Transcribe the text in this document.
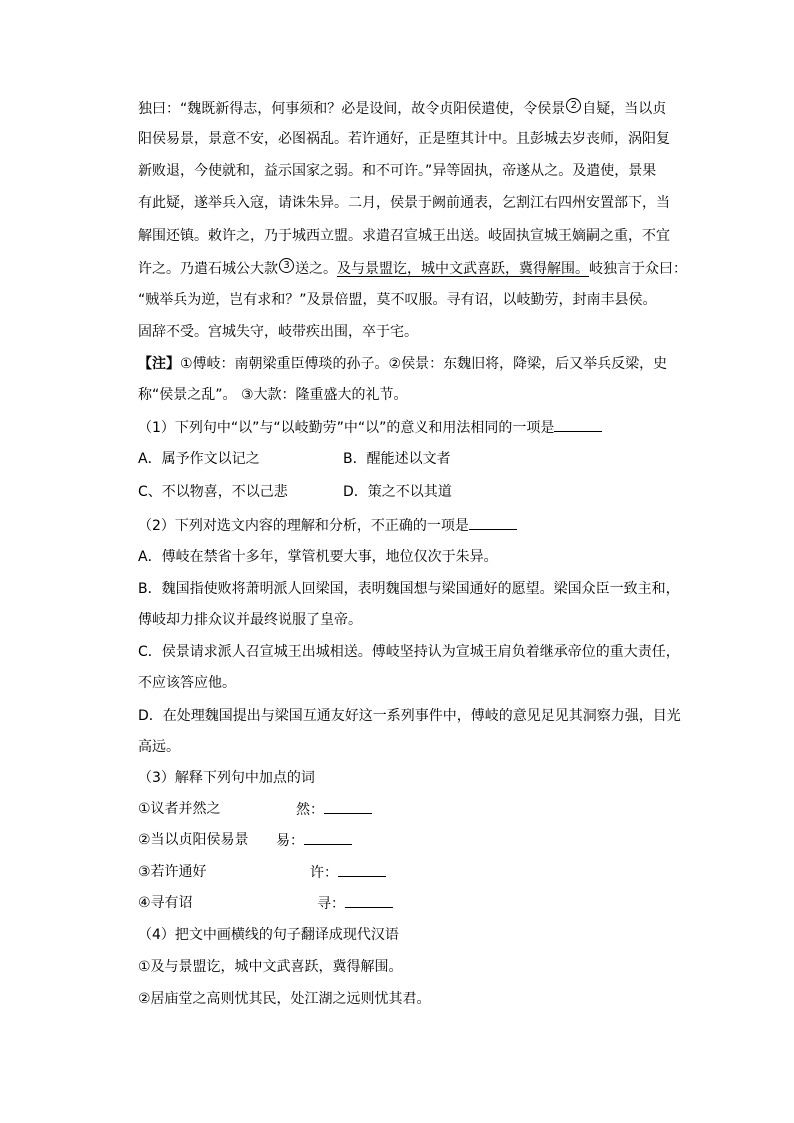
独曰：“魏既新得志，何事须和？必是设间，故令贞阳侯遣使，令侯景 2 自疑，当以贞
阳侯易景，景意不安，必图祸乱。若许通好，正是堕其计中。且彭城去岁丧师，涡阳复
新败退，今使就和，益示国家之弱。和不可许。”异等固执，帝遂从之。及遣使，景果
有此疑，遂举兵入寇，请诛朱异。二月，侯景于阙前通表，乞割江右四州安置部下，当
解围还镇。敕许之，乃于城西立盟。求遣召宣城王出送。岐固执宣城王嫡嗣之重，不宜
许之。乃遣石城公大款 3 送之。及与景盟讫，城中文武喜跃，冀得解围。岐独言于众曰：
“贼举兵为逆，岂有求和？”及景倍盟，莫不叹服。寻有诏，以岐勤劳，封南丰县侯。
固辞不受。宫城失守，岐带疾出围，卒于宅。
【注】①傅岐：南朝梁重臣傅琰的孙子。②侯景：东魏旧将，降梁，后又举兵反梁，史
称“侯景之乱”。 ③大款：隆重盛大的礼节。
（1）下列句中“以”与“以岐勤劳”中“以”的意义和用法相同的一项是
A．属予作文以记之	B．醒能述以文者
C、不以物喜，不以己悲	D．策之不以其道
（2）下列对选文内容的理解和分析，不正确的一项是
A．傅岐在禁省十多年，掌管机要大事，地位仅次于朱异。
B．魏国指使败将萧明派人回梁国，表明魏国想与梁国通好的愿望。梁国众臣一致主和，
傅岐却力排众议并最终说服了皇帝。
C．侯景请求派人召宣城王出城相送。傅岐坚持认为宣城王肩负着继承帝位的重大责任，
不应该答应他。
D．在处理魏国提出与梁国互通友好这一系列事件中，傅岐的意见足见其洞察力强，目光
高远。
（3）解释下列句中加点的词
①议者并然之	然：
②当以贞阳侯易景 易：
③若许通好	许：
④寻有诏	寻：
（4）把文中画横线的句子翻译成现代汉语
①及与景盟讫，城中文武喜跃，冀得解围。
②居庙堂之高则忧其民，处江湖之远则忧其君。
